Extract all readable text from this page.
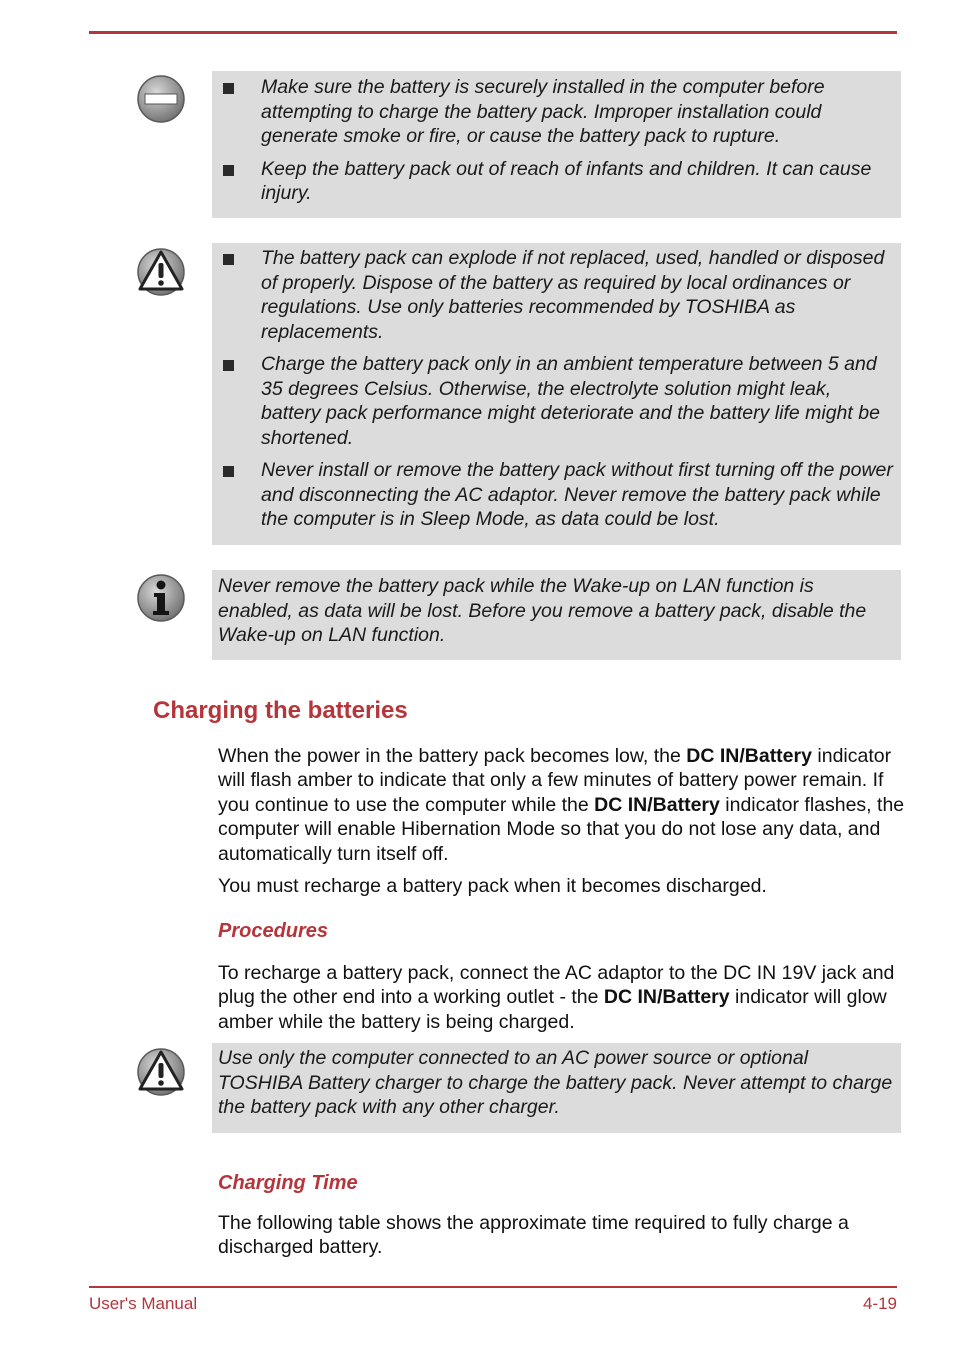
Make sure the battery is securely installed in the computer before attempting to charge the battery pack. Improper installation could generate smoke or fire, or cause the battery pack to rupture.
Keep the battery pack out of reach of infants and children. It can cause injury.
The battery pack can explode if not replaced, used, handled or disposed of properly. Dispose of the battery as required by local ordinances or regulations. Use only batteries recommended by TOSHIBA as replacements.
Charge the battery pack only in an ambient temperature between 5 and 35 degrees Celsius. Otherwise, the electrolyte solution might leak, battery pack performance might deteriorate and the battery life might be shortened.
Never install or remove the battery pack without first turning off the power and disconnecting the AC adaptor. Never remove the battery pack while the computer is in Sleep Mode, as data could be lost.

Never remove the battery pack while the Wake-up on LAN function is enabled, as data will be lost. Before you remove a battery pack, disable the Wake-up on LAN function.

Charging the batteries

When the power in the battery pack becomes low, the DC IN/Battery indicator will flash amber to indicate that only a few minutes of battery power remain. If you continue to use the computer while the DC IN/Battery indicator flashes, the computer will enable Hibernation Mode so that you do not lose any data, and automatically turn itself off.

You must recharge a battery pack when it becomes discharged.

Procedures

To recharge a battery pack, connect the AC adaptor to the DC IN 19V jack and plug the other end into a working outlet - the DC IN/Battery indicator will glow amber while the battery is being charged.

Use only the computer connected to an AC power source or optional TOSHIBA Battery charger to charge the battery pack. Never attempt to charge the battery pack with any other charger.

Charging Time

The following table shows the approximate time required to fully charge a discharged battery.

User's Manual	4-19
